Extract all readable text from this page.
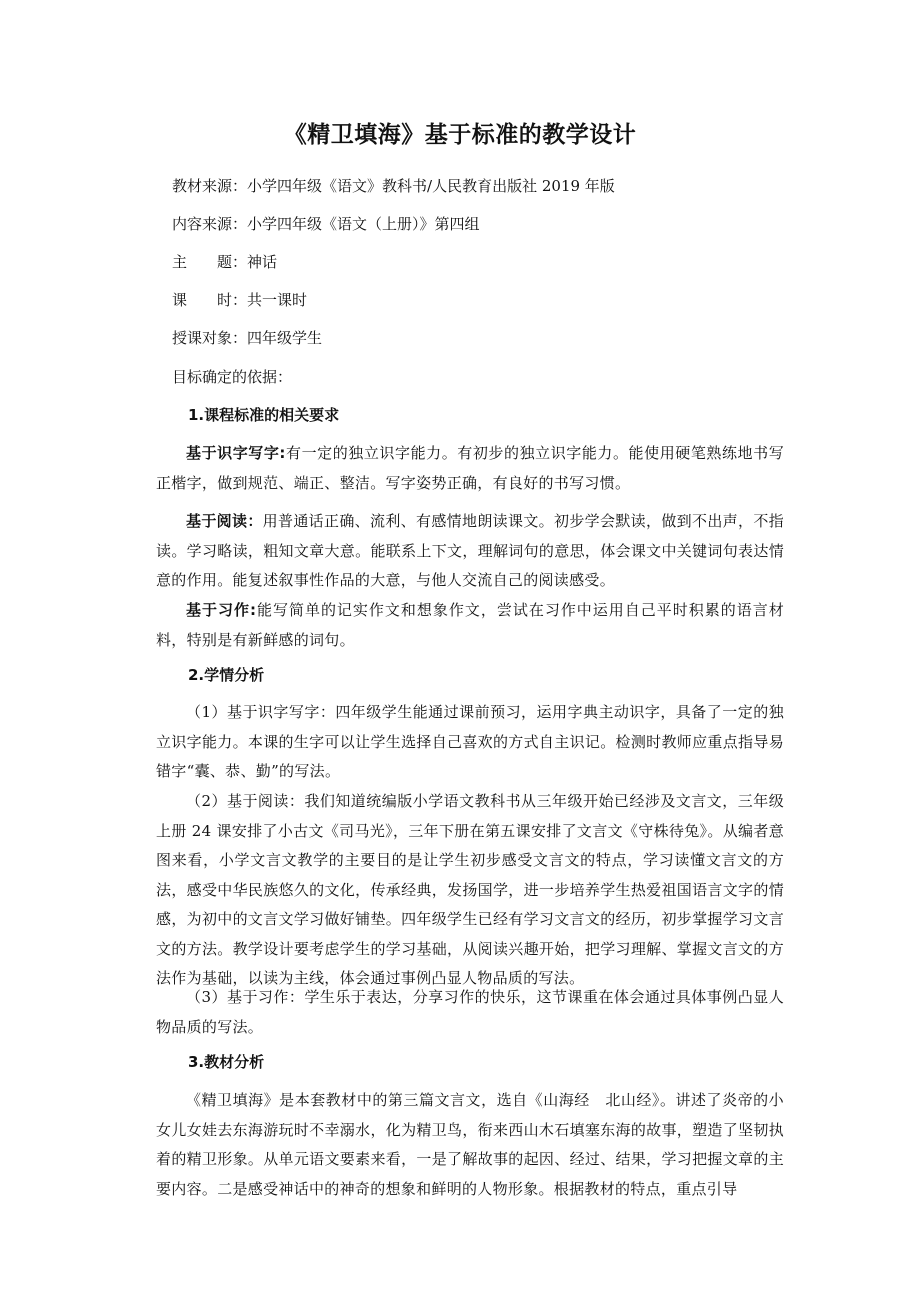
《精卫填海》基于标准的教学设计
教材来源：小学四年级《语文》教科书/人民教育出版社 2019 年版
内容来源：小学四年级《语文（上册）》第四组
主　　题：神话
课　　时：共一课时
授课对象：四年级学生
目标确定的依据：
1.课程标准的相关要求
基于识字写字:有一定的独立识字能力。有初步的独立识字能力。能使用硬笔熟练地书写正楷字，做到规范、端正、整洁。写字姿势正确，有良好的书写习惯。
基于阅读：用普通话正确、流利、有感情地朗读课文。初步学会默读，做到不出声，不指读。学习略读，粗知文章大意。能联系上下文，理解词句的意思，体会课文中关键词句表达情意的作用。能复述叙事性作品的大意，与他人交流自己的阅读感受。
基于习作:能写简单的记实作文和想象作文，尝试在习作中运用自己平时积累的语言材料，特别是有新鲜感的词句。
2.学情分析
（1）基于识字写字：四年级学生能通过课前预习，运用字典主动识字，具备了一定的独立识字能力。本课的生字可以让学生选择自己喜欢的方式自主识记。检测时教师应重点指导易错字“囊、恭、勤”的写法。
（2）基于阅读：我们知道统编版小学语文教科书从三年级开始已经涉及文言文，三年级上册 24 课安排了小古文《司马光》，三年下册在第五课安排了文言文《守株待兔》。从编者意图来看，小学文言文教学的主要目的是让学生初步感受文言文的特点，学习读懂文言文的方法，感受中华民族悠久的文化，传承经典，发扬国学，进一步培养学生热爱祖国语言文字的情感，为初中的文言文学习做好铺垫。四年级学生已经有学习文言文的经历，初步掌握学习文言文的方法。教学设计要考虑学生的学习基础，从阅读兴趣开始，把学习理解、掌握文言文的方法作为基础，以读为主线，体会通过事例凸显人物品质的写法。
（3）基于习作：学生乐于表达，分享习作的快乐，这节课重在体会通过具体事例凸显人物品质的写法。
3.教材分析
《精卫填海》是本套教材中的第三篇文言文，选自《山海经　北山经》。讲述了炎帝的小女儿女娃去东海游玩时不幸溺水，化为精卫鸟，衔来西山木石填塞东海的故事，塑造了坚韧执着的精卫形象。从单元语文要素来看，一是了解故事的起因、经过、结果，学习把握文章的主要内容。二是感受神话中的神奇的想象和鲜明的人物形象。根据教材的特点，重点引导
